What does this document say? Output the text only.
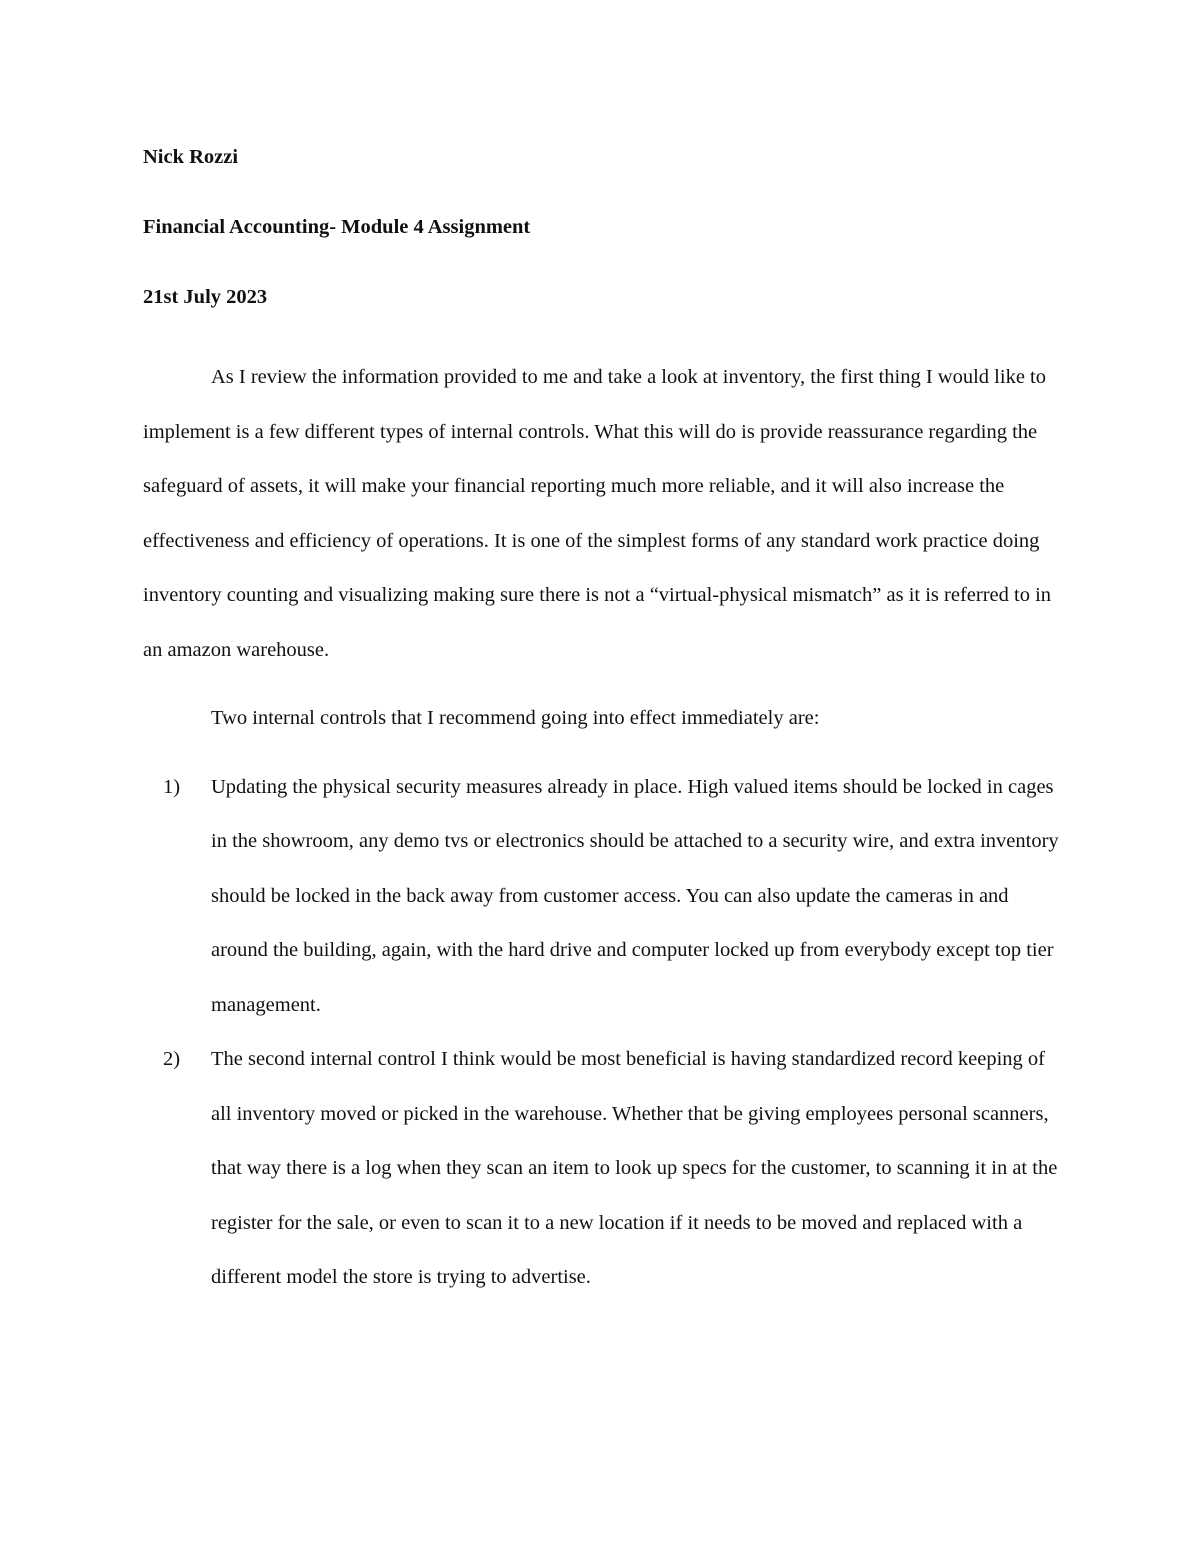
Nick Rozzi
Financial Accounting- Module 4 Assignment
21st July 2023

As I review the information provided to me and take a look at inventory, the first thing I would like to implement is a few different types of internal controls. What this will do is provide reassurance regarding the safeguard of assets, it will make your financial reporting much more reliable, and it will also increase the effectiveness and efficiency of operations. It is one of the simplest forms of any standard work practice doing inventory counting and visualizing making sure there is not a “virtual-physical mismatch” as it is referred to in an amazon warehouse.

Two internal controls that I recommend going into effect immediately are:

1) Updating the physical security measures already in place. High valued items should be locked in cages in the showroom, any demo tvs or electronics should be attached to a security wire, and extra inventory should be locked in the back away from customer access. You can also update the cameras in and around the building, again, with the hard drive and computer locked up from everybody except top tier management.
2) The second internal control I think would be most beneficial is having standardized record keeping of all inventory moved or picked in the warehouse. Whether that be giving employees personal scanners, that way there is a log when they scan an item to look up specs for the customer, to scanning it in at the register for the sale, or even to scan it to a new location if it needs to be moved and replaced with a different model the store is trying to advertise.
